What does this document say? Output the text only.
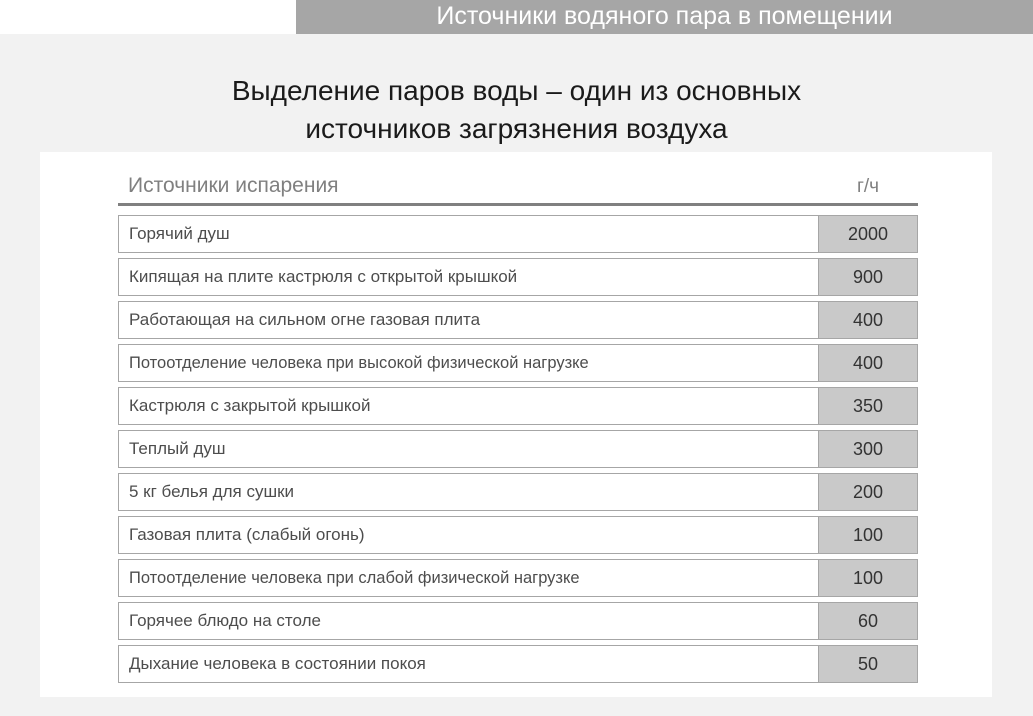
Источники водяного пара в помещении
Выделение паров воды – один из основных
источников загрязнения воздуха
Источники испарения	г/ч
Горячий душ	2000
Кипящая на плите кастрюля с открытой крышкой	900
Работающая на сильном огне газовая плита	400
Потоотделение человека при высокой физической нагрузке	400
Кастрюля с закрытой крышкой	350
Теплый душ	300
5 кг белья для сушки	200
Газовая плита (слабый огонь)	100
Потоотделение человека при слабой физической нагрузке	100
Горячее блюдо на столе	60
Дыхание человека в состоянии покоя	50
